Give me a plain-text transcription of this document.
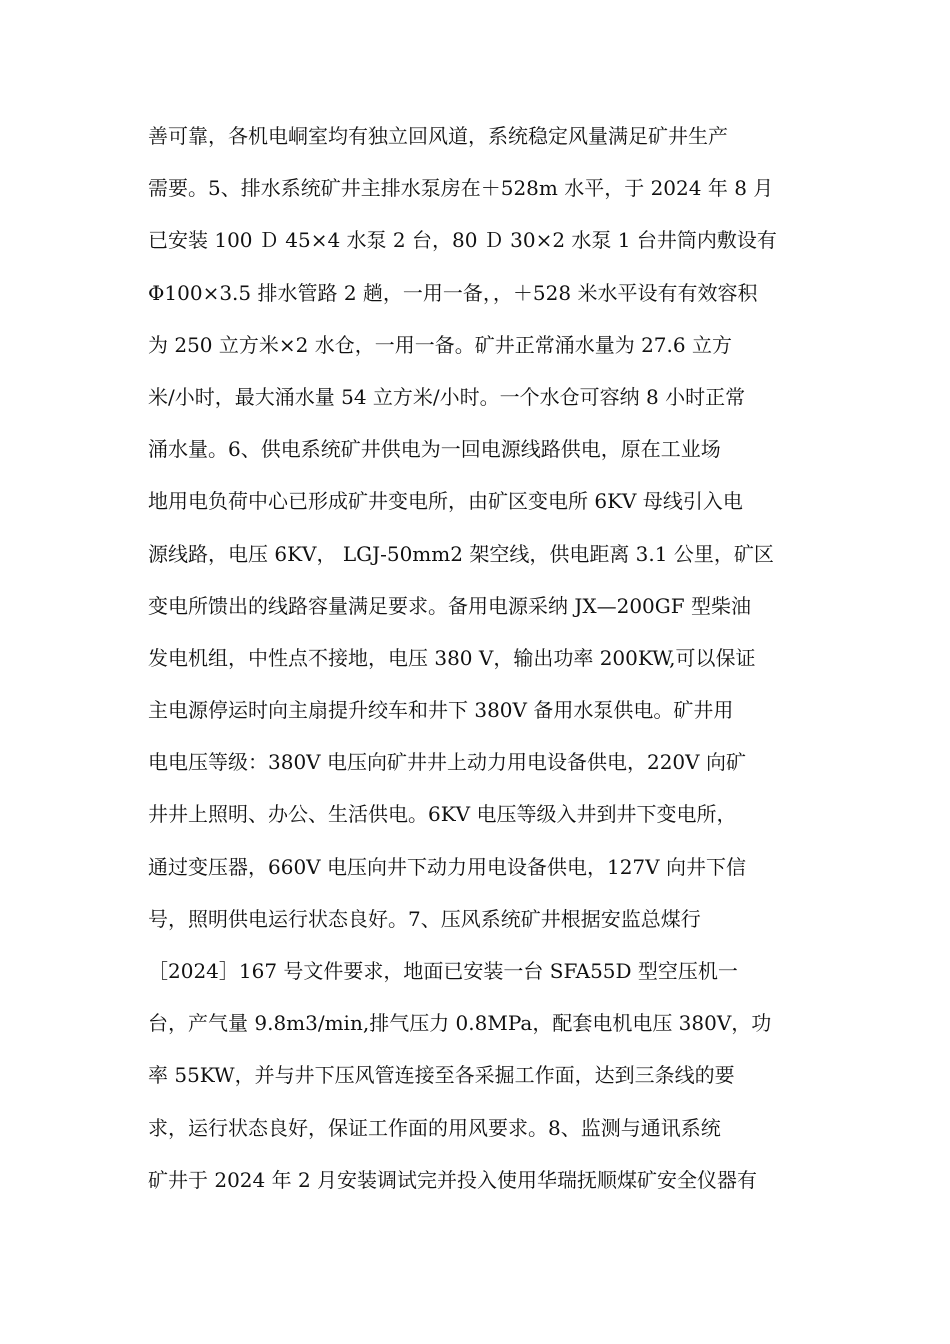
善可靠，各机电峒室均有独立回风道，系统稳定风量满足矿井生产
需要。5、排水系统矿井主排水泵房在＋528m 水平，于 2024 年 8 月
已安装 100 Ｄ 45×4 水泵 2 台，80 Ｄ 30×2 水泵 1 台井筒内敷设有
Φ100×3.5 排水管路 2 趟，一用一备，，＋528 米水平设有有效容积
为 250 立方米×2 水仓，一用一备。矿井正常涌水量为 27.6 立方
米/小时，最大涌水量 54 立方米/小时。一个水仓可容纳 8 小时正常
涌水量。6、供电系统矿井供电为一回电源线路供电，原在工业场
地用电负荷中心已形成矿井变电所，由矿区变电所 6KV 母线引入电
源线路，电压 6KV， LGJ-50mm2 架空线，供电距离 3.1 公里，矿区
变电所馈出的线路容量满足要求。备用电源采纳 JX—200GF 型柴油
发电机组，中性点不接地，电压 380 V，输出功率 200KW,可以保证
主电源停运时向主扇提升绞车和井下 380V 备用水泵供电。矿井用
电电压等级：380V 电压向矿井井上动力用电设备供电，220V 向矿
井井上照明、办公、生活供电。6KV 电压等级入井到井下变电所，
通过变压器，660V 电压向井下动力用电设备供电，127V 向井下信
号，照明供电运行状态良好。7、压风系统矿井根据安监总煤行
［2024］167 号文件要求，地面已安装一台 SFA55D 型空压机一
台，产气量 9.8m3/min,排气压力 0.8MPa，配套电机电压 380V，功
率 55KW，并与井下压风管连接至各采掘工作面，达到三条线的要
求，运行状态良好，保证工作面的用风要求。8、监测与通讯系统
矿井于 2024 年 2 月安装调试完并投入使用华瑞抚顺煤矿安全仪器有
